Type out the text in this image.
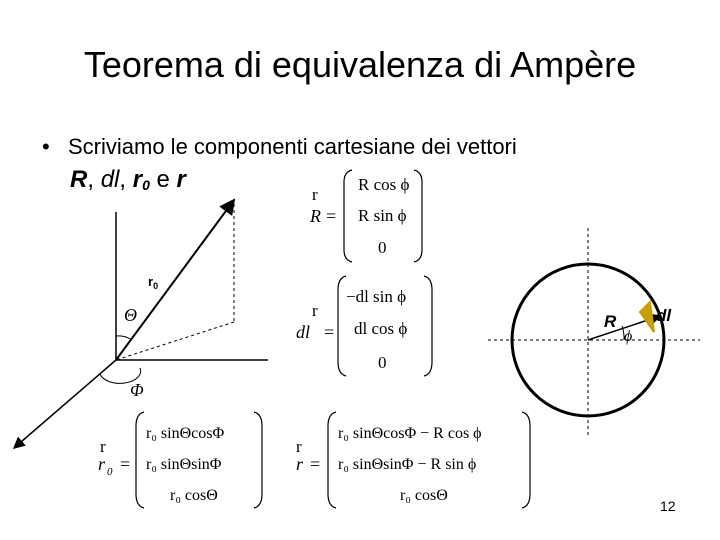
Teorema di equivalenza di Ampère
• Scriviamo le componenti cartesiane dei vettori
R, dl, $r_0$ e r
r
R =
R cos ϕ
R sin ϕ
0
r
dl =
−dl sin ϕ
dl cos ϕ
0
r
r 0 =
r₀ sinΘcosΦ
r₀ sinΘsinΦ
r₀ cosΘ
r
r =
r₀ sinΘcosΦ − R cos ϕ
r₀ sinΘsinΦ − R sin ϕ
r₀ cosΘ
$r_0$
Θ
Φ
R
ϕ
dl
12
